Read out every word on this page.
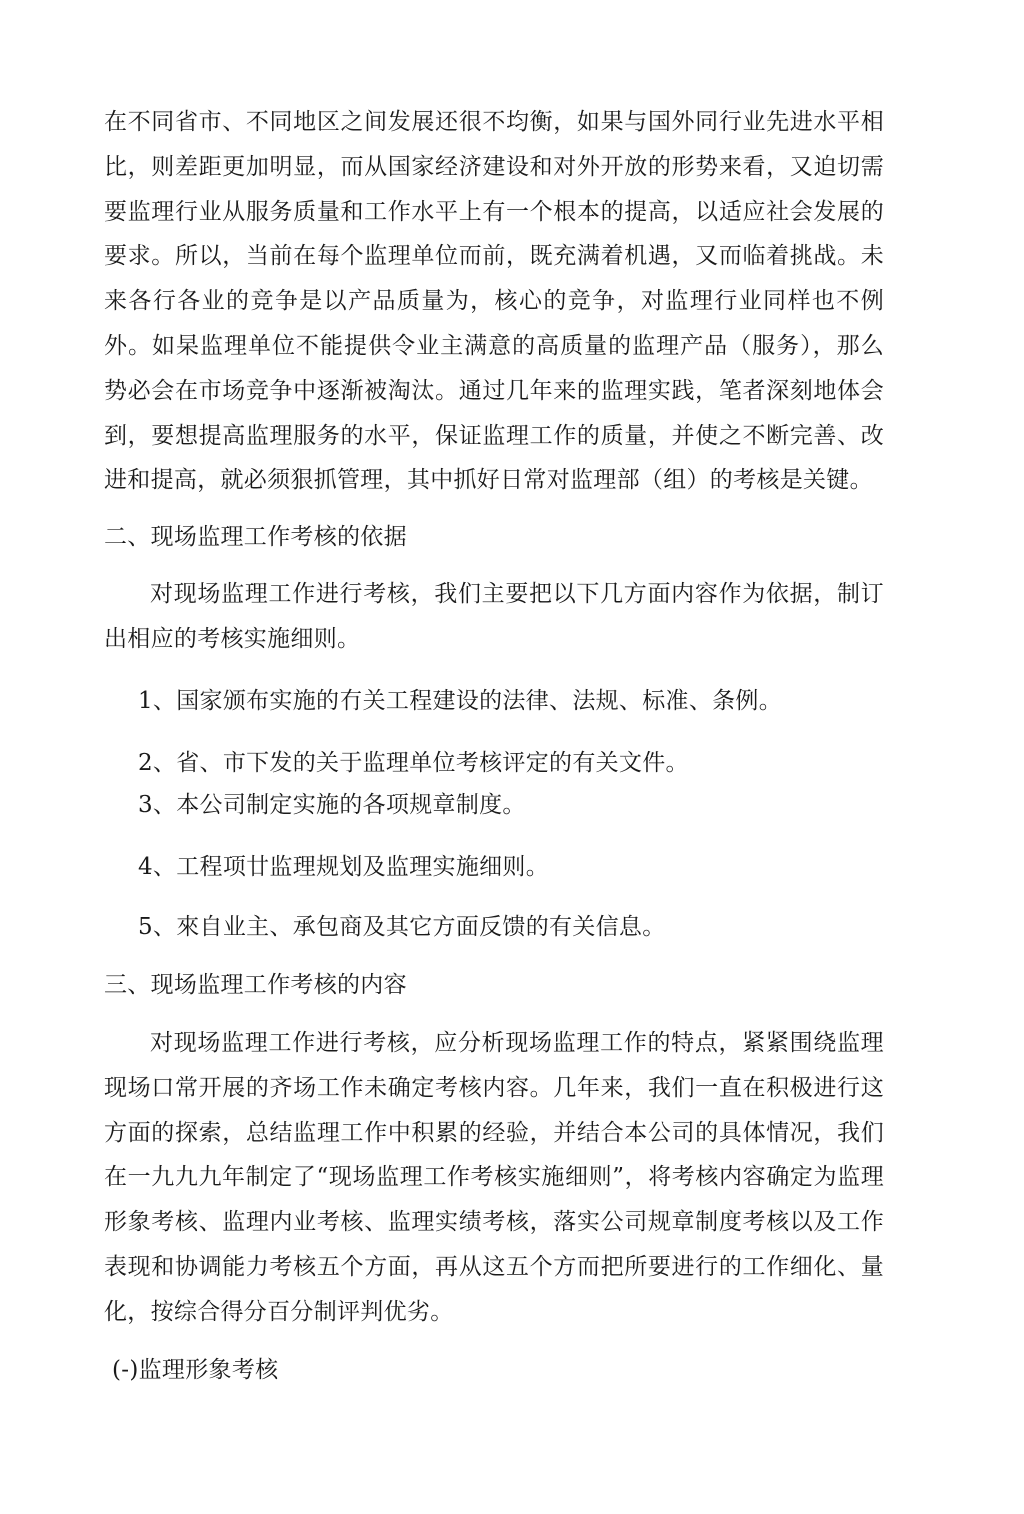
在不同省市、不同地区之间发展还很不均衡，如果与国外同行业先进水平相比，则差距更加明显，而从国家经济建设和对外开放的形势来看，又迫切需要监理行业从服务质量和工作水平上有一个根本的提高，以适应社会发展的要求。所以，当前在每个监理单位而前，既充满着机遇，又而临着挑战。未来各行各业的竞争是以产品质量为，核心的竞争，对监理行业同样也不例外。如杲监理单位不能提供令业主满意的高质量的监理产品（服务），那么势必会在市场竞争中逐渐被淘汰。通过几年来的监理实践，笔者深刻地体会到，要想提高监理服务的水平，保证监理工作的质量，并使之不断完善、改进和提高，就必须狠抓管理，其中抓好日常对监理部（组）的考核是关键。

二、现场监理工作考核的依据

对现场监理工作进行考核，我们主要把以下几方面内容作为依据，制订出相应的考核实施细则。

1、国家颁布实施的冇关工程建设的法律、法规、标准、条例。

2、省、市下发的关于监理单位考核评定的有关文件。

3、本公司制定实施的各项规章制度。

4、工程项廿监理规划及监理实施细则。

5、來自业主、承包商及其它方面反馈的有关信息。

三、现场监理工作考核的内容

对现场监理工作进行考核，应分析现场监理工作的特点，紧紧围绕监理现场口常开展的齐场工作未确定考核内容。几年来，我们一直在积极进行这方面的探索，总结监理工作中积累的经验，并结合本公司的具体情况，我们在一九九九年制定了“现场监理工作考核实施细则”，将考核内容确定为监理形象考核、监理内业考核、监理实绩考核，落实公司规章制度考核以及工作表现和协调能力考核五个方面，再从这五个方而把所要进行的工作细化、量化，按综合得分百分制评判优劣。

(-)监理形象考核
